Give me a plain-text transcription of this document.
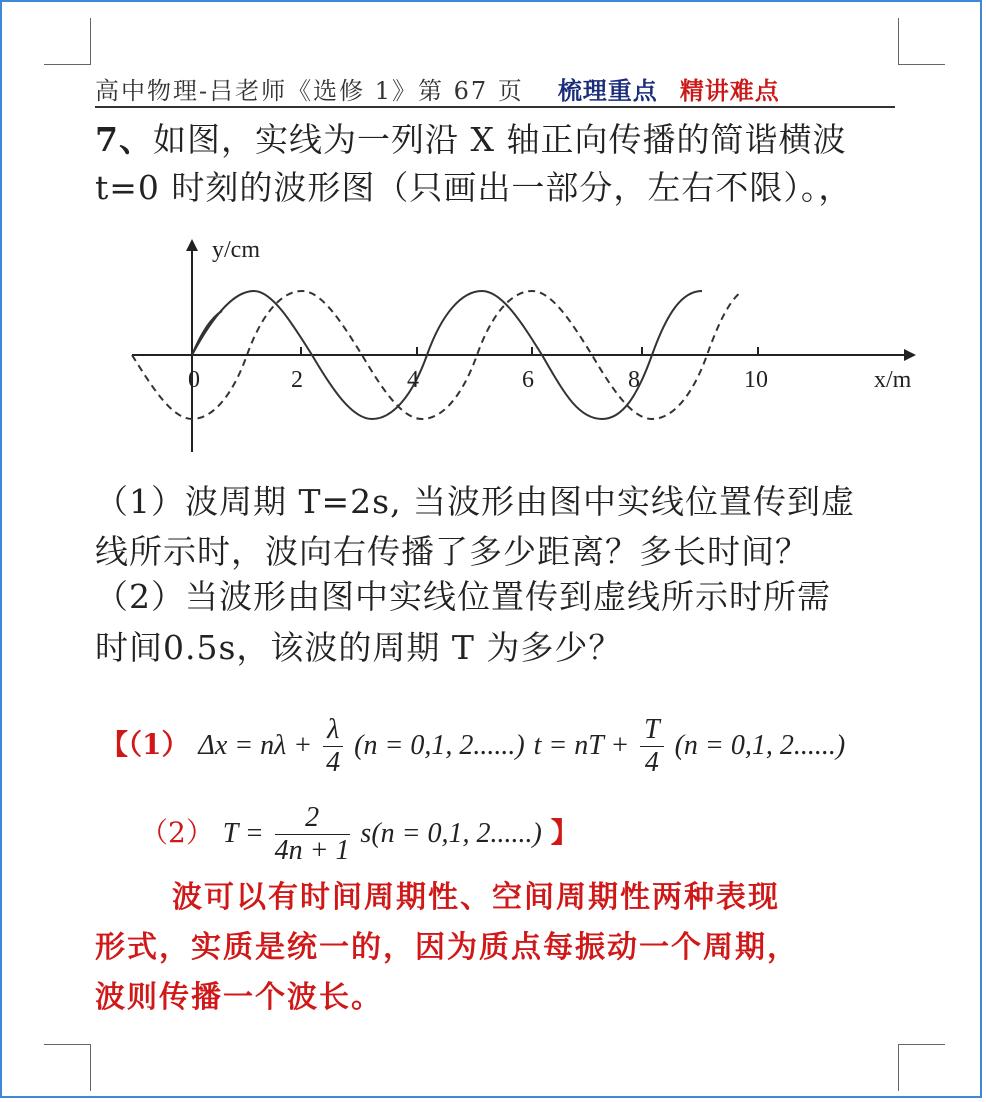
高中物理-吕老师《选修 1》第 67 页 梳理重点 精讲难点
7、如图，实线为一列沿 X 轴正向传播的简谐横波
t=0 时刻的波形图（只画出一部分，左右不限）。，
y/cm
x/m
0	2	4	6	8	10
（1）波周期 T=2s, 当波形由图中实线位置传到虚
线所示时，波向右传播了多少距离？多长时间？
（2）当波形由图中实线位置传到虚线所示时所需
时间0.5s，该波的周期 T 为多少？
【（1） $\Delta x = n\lambda + \frac{\lambda}{4} (n = 0,1$, 2......) t = nT + $\frac{T}{4} (n = 0,1$, 2......)
（2） $T = \frac{2}{4n + 1} s(n = 0,1$, 2......) 】
波可以有时间周期性、空间周期性两种表现
形式，实质是统一的，因为质点每振动一个周期，
波则传播一个波长。
